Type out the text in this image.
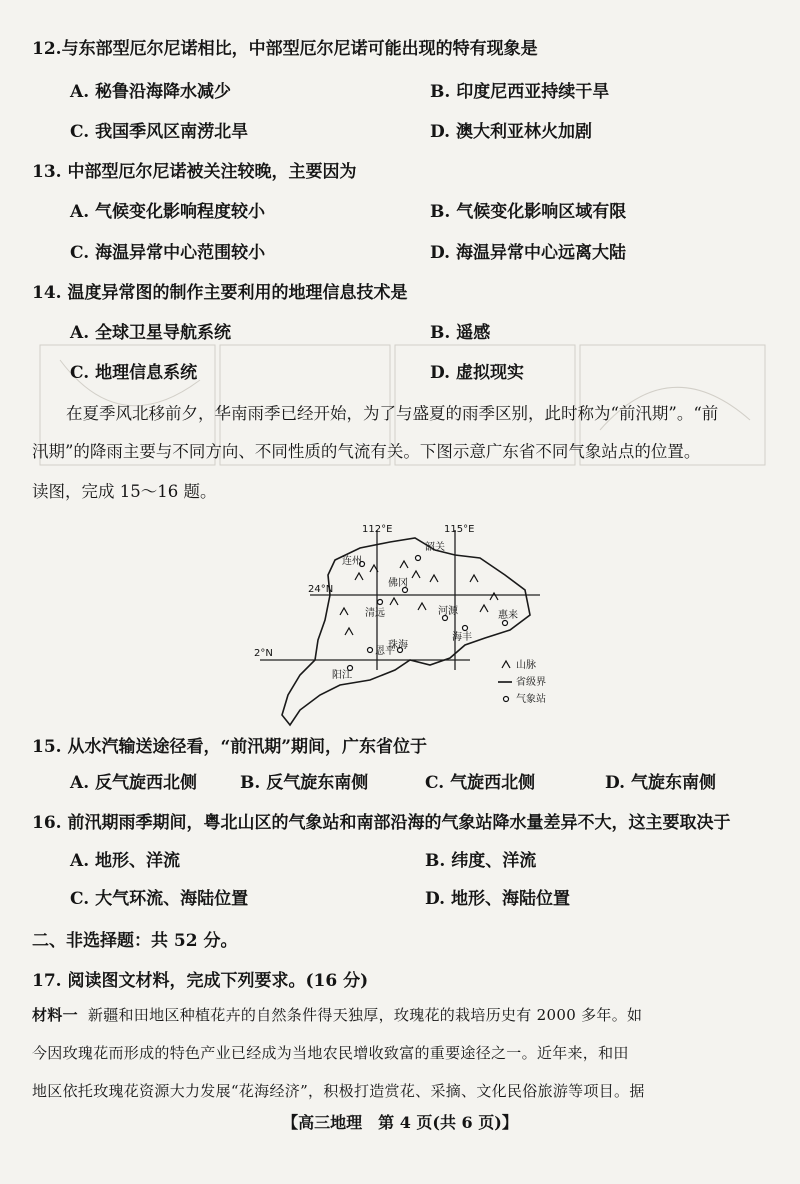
12.与东部型厄尔尼诺相比，中部型厄尔尼诺可能出现的特有现象是
A. 秘鲁沿海降水减少	B. 印度尼西亚持续干旱
C. 我国季风区南涝北旱	D. 澳大利亚林火加剧
13. 中部型厄尔尼诺被关注较晚，主要因为
A. 气候变化影响程度较小	B. 气候变化影响区域有限
C. 海温异常中心范围较小	D. 海温异常中心远离大陆
14. 温度异常图的制作主要利用的地理信息技术是
A. 全球卫星导航系统	B. 遥感
C. 地理信息系统	D. 虚拟现实
在夏季风北移前夕，华南雨季已经开始，为了与盛夏的雨季区别，此时称为“前汛期”。“前
汛期”的降雨主要与不同方向、不同性质的气流有关。下图示意广东省不同气象站点的位置。
读图，完成 15～16 题。
连州
韶关
佛冈
清远	河源
海丰
惠来
恩平
阳江
珠海
112°E	115°E
24°N
2°N
山脉
省级界
气象站
15. 从水汽输送途径看，“前汛期”期间，广东省位于
A. 反气旋西北侧	B. 反气旋东南侧	C. 气旋西北侧	D. 气旋东南侧
16. 前汛期雨季期间，粤北山区的气象站和南部沿海的气象站降水量差异不大，这主要取决于
A. 地形、洋流	B. 纬度、洋流
C. 大气环流、海陆位置	D. 地形、海陆位置
二、非选择题：共 52 分。
17. 阅读图文材料，完成下列要求。(16 分)
材料一 新疆和田地区种植花卉的自然条件得天独厚，玫瑰花的栽培历史有 2000 多年。如
今因玫瑰花而形成的特色产业已经成为当地农民增收致富的重要途径之一。近年来，和田
地区依托玫瑰花资源大力发展“花海经济”，积极打造赏花、采摘、文化民俗旅游等项目。据
【高三地理　第 4 页(共 6 页)】
